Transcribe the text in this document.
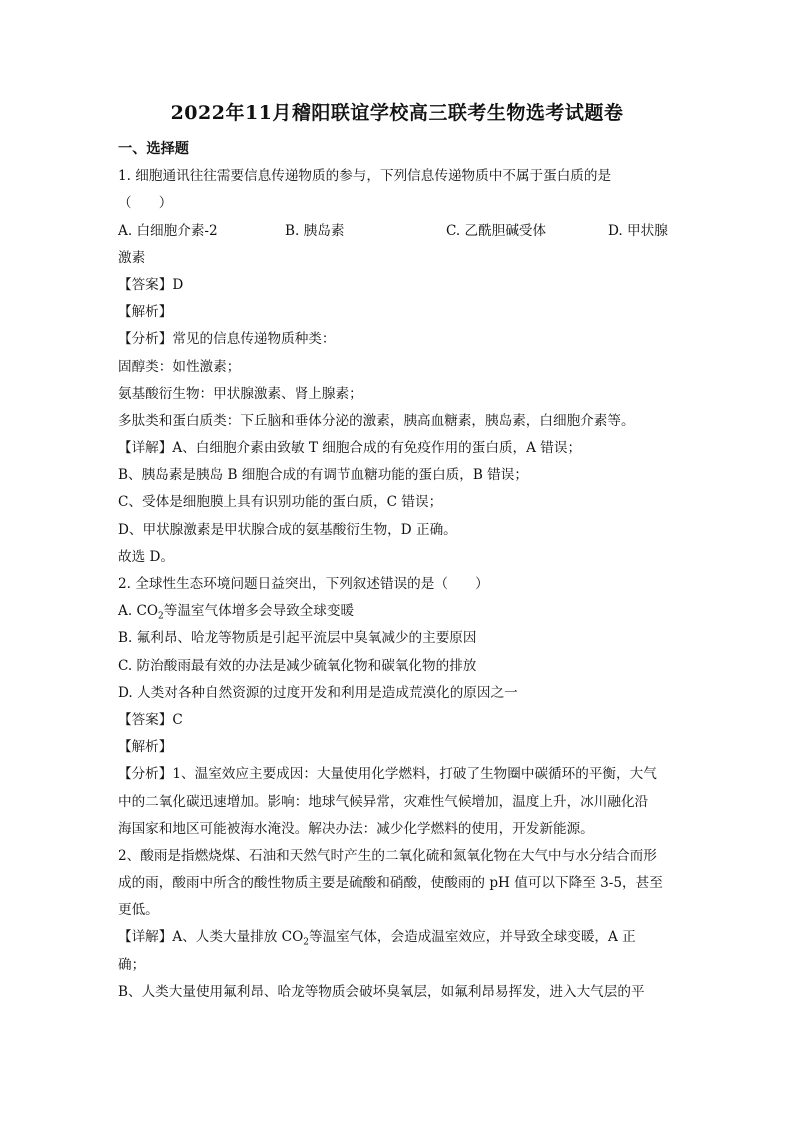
2022年11月稽阳联谊学校高三联考生物选考试题卷
一、选择题
1. 细胞通讯往往需要信息传递物质的参与，下列信息传递物质中不属于蛋白质的是
（　　）
A. 白细胞介素-2	B. 胰岛素	C. 乙酰胆碱受体	D. 甲状腺
激素
【答案】D
【解析】
【分析】常见的信息传递物质种类：
固醇类：如性激素；
氨基酸衍生物：甲状腺激素、肾上腺素；
多肽类和蛋白质类：下丘脑和垂体分泌的激素，胰高血糖素，胰岛素，白细胞介素等。
【详解】A、白细胞介素由致敏 T 细胞合成的有免疫作用的蛋白质，A 错误；
B、胰岛素是胰岛 B 细胞合成的有调节血糖功能的蛋白质，B 错误；
C、受体是细胞膜上具有识别功能的蛋白质，C 错误；
D、甲状腺激素是甲状腺合成的氨基酸衍生物，D 正确。
故选 D。
2. 全球性生态环境问题日益突出，下列叙述错误的是（　　）
A. $CO_2$等温室气体增多会导致全球变暖
B. 氟利昂、哈龙等物质是引起平流层中臭氧减少的主要原因
C. 防治酸雨最有效的办法是减少硫氧化物和碳氧化物的排放
D. 人类对各种自然资源的过度开发和利用是造成荒漠化的原因之一
【答案】C
【解析】
【分析】1、温室效应主要成因：大量使用化学燃料，打破了生物圈中碳循环的平衡，大气
中的二氧化碳迅速增加。影响：地球气候异常，灾难性气候增加，温度上升，冰川融化沿
海国家和地区可能被海水淹没。解决办法：减少化学燃料的使用，开发新能源。
2、酸雨是指燃烧煤、石油和天然气时产生的二氧化硫和氮氧化物在大气中与水分结合而形
成的雨，酸雨中所含的酸性物质主要是硫酸和硝酸，使酸雨的 pH 值可以下降至 3-5，甚至
更低。
【详解】A、人类大量排放 $CO_2$等温室气体，会造成温室效应，并导致全球变暖，A 正
确；
B、人类大量使用氟利昂、哈龙等物质会破坏臭氧层，如氟利昂易挥发，进入大气层的平
